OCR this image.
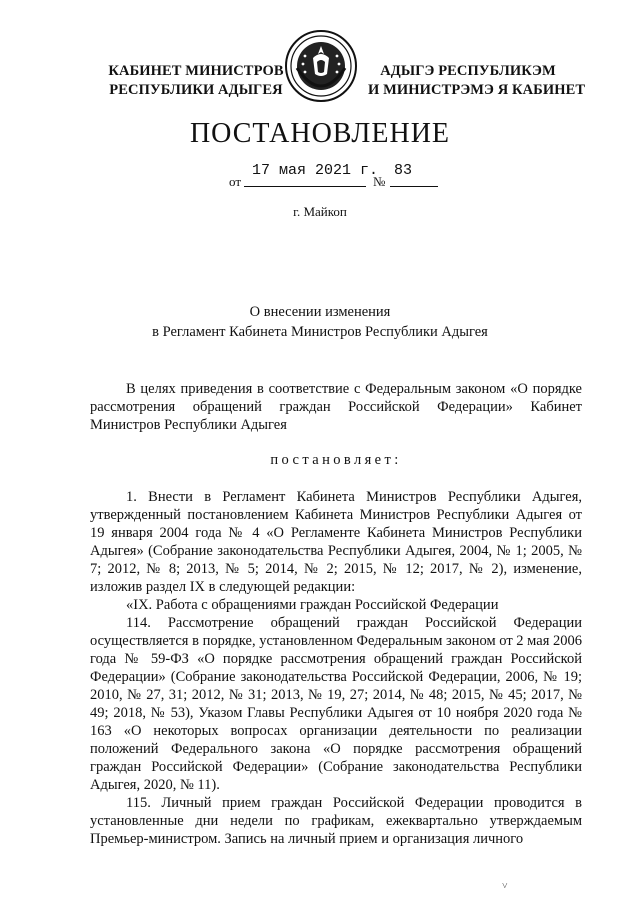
КАБИНЕТ МИНИСТРОВ
РЕСПУБЛИКИ АДЫГЕЯ
АДЫГЭ РЕСПУБЛИКЭМ
И МИНИСТРЭМЭ Я КАБИНЕТ
ПОСТАНОВЛЕНИЕ
от
17 мая 2021 г.
№
83
г. Майкоп
О внесении изменения
в Регламент Кабинета Министров Республики Адыгея

В целях приведения в соответствие с Федеральным законом «О порядке рассмотрения обращений граждан Российской Федерации» Кабинет Министров Республики Адыгея

постановляет:

1. Внести в Регламент Кабинета Министров Республики Адыгея, утвержденный постановлением Кабинета Министров Республики Адыгея от 19 января 2004 года № 4 «О Регламенте Кабинета Министров Республики Адыгея» (Собрание законодательства Республики Адыгея, 2004, № 1; 2005, № 7; 2012, № 8; 2013, № 5; 2014, № 2; 2015, № 12; 2017, № 2), изменение, изложив раздел IX в следующей редакции:

«IX. Работа с обращениями граждан Российской Федерации

114. Рассмотрение обращений граждан Российской Федерации осуществляется в порядке, установленном Федеральным законом от 2 мая 2006 года № 59-ФЗ «О порядке рассмотрения обращений граждан Российской Федерации» (Собрание законодательства Российской Федерации, 2006, № 19; 2010, № 27, 31; 2012, № 31; 2013, № 19, 27; 2014, № 48; 2015, № 45; 2017, № 49; 2018, № 53), Указом Главы Республики Адыгея от 10 ноября 2020 года № 163 «О некоторых вопросах организации деятельности по реализации положений Федерального закона «О порядке рассмотрения обращений граждан Российской Федерации» (Собрание законодательства Республики Адыгея, 2020, № 11).

115. Личный прием граждан Российской Федерации проводится в установленные дни недели по графикам, ежеквартально утверждаемым Премьер-министром. Запись на личный прием и организация личного

˅
